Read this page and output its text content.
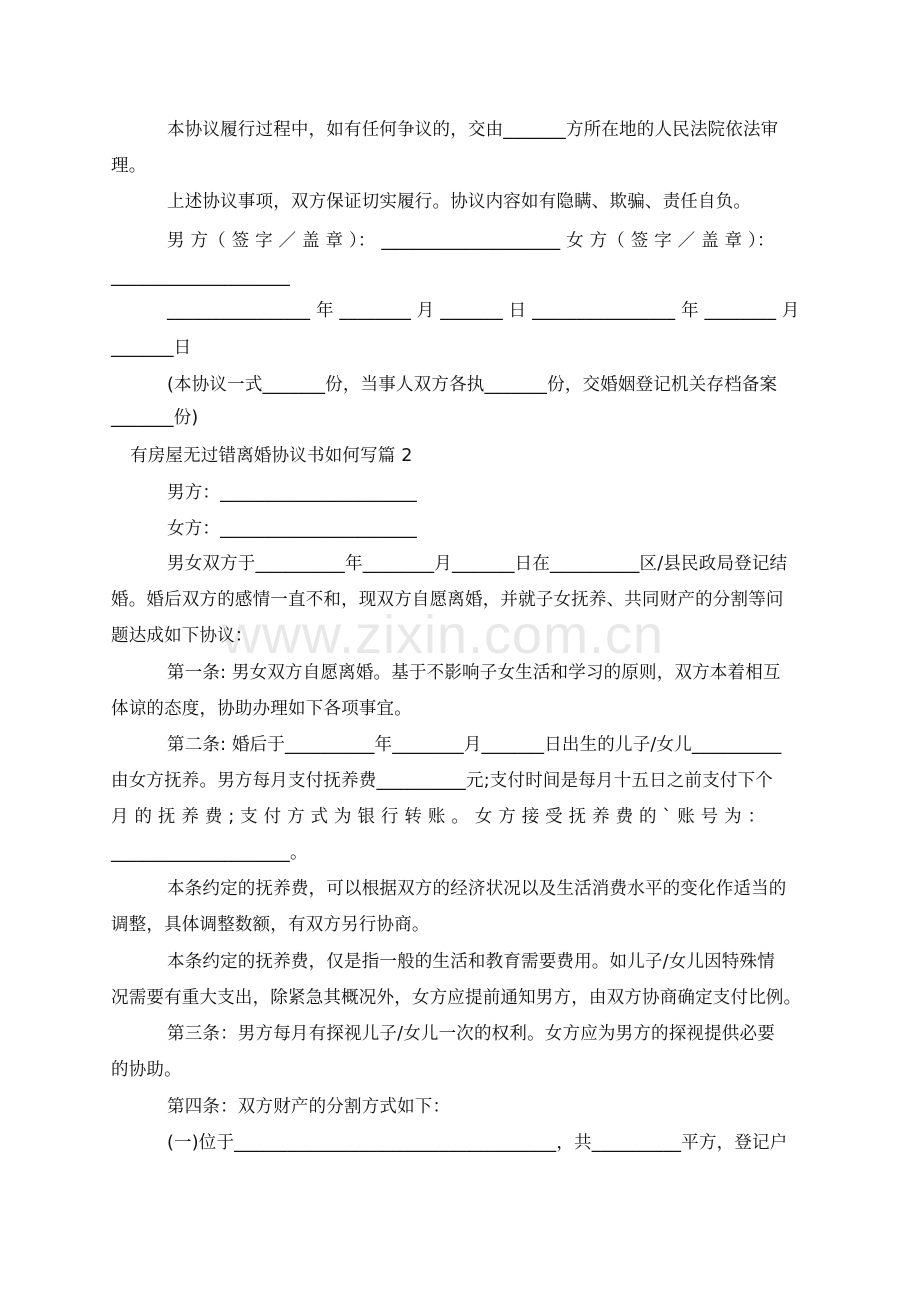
www.zixin.com.cn
本协议履行过程中，如有任何争议的，交由_______方所在地的人民法院依法审
理。
上述协议事项，双方保证切实履行。协议内容如有隐瞒、欺骗、责任自负。
男 方（ 签 字 ／ 盖 章 ）： ____________________ 女 方（ 签 字 ／ 盖 章 ）：
____________________
________________ 年 ________ 月 _______ 日 ________________ 年 ________ 月
_______日
(本协议一式_______份，当事人双方各执_______份，交婚姻登记机关存档备案
_______份)
有房屋无过错离婚协议书如何写篇 2
男方：______________________
女方：______________________
男女双方于__________年________月_______日在__________区/县民政局登记结
婚。婚后双方的感情一直不和，现双方自愿离婚，并就子女抚养、共同财产的分割等问
题达成如下协议：
第一条: 男女双方自愿离婚。基于不影响子女生活和学习的原则，双方本着相互
体谅的态度，协助办理如下各项事宜。
第二条: 婚后于__________年________月_______日出生的儿子/女儿__________
由女方抚养。男方每月支付抚养费__________元;支付时间是每月十五日之前支付下个
月 的 抚 养 费 ; 支 付 方 式 为 银 行 转 账 。 女 方 接 受 抚 养 费 的 ` 账 号 为 ：
____________________。
本条约定的抚养费，可以根据双方的经济状况以及生活消费水平的变化作适当的
调整，具体调整数额，有双方另行协商。
本条约定的抚养费，仅是指一般的生活和教育需要费用。如儿子/女儿因特殊情
况需要有重大支出，除紧急其概况外，女方应提前通知男方，由双方协商确定支付比例。
第三条：男方每月有探视儿子/女儿一次的权利。女方应为男方的探视提供必要
的协助。
第四条：双方财产的分割方式如下：
(一)位于____________________________________，共__________平方，登记户
